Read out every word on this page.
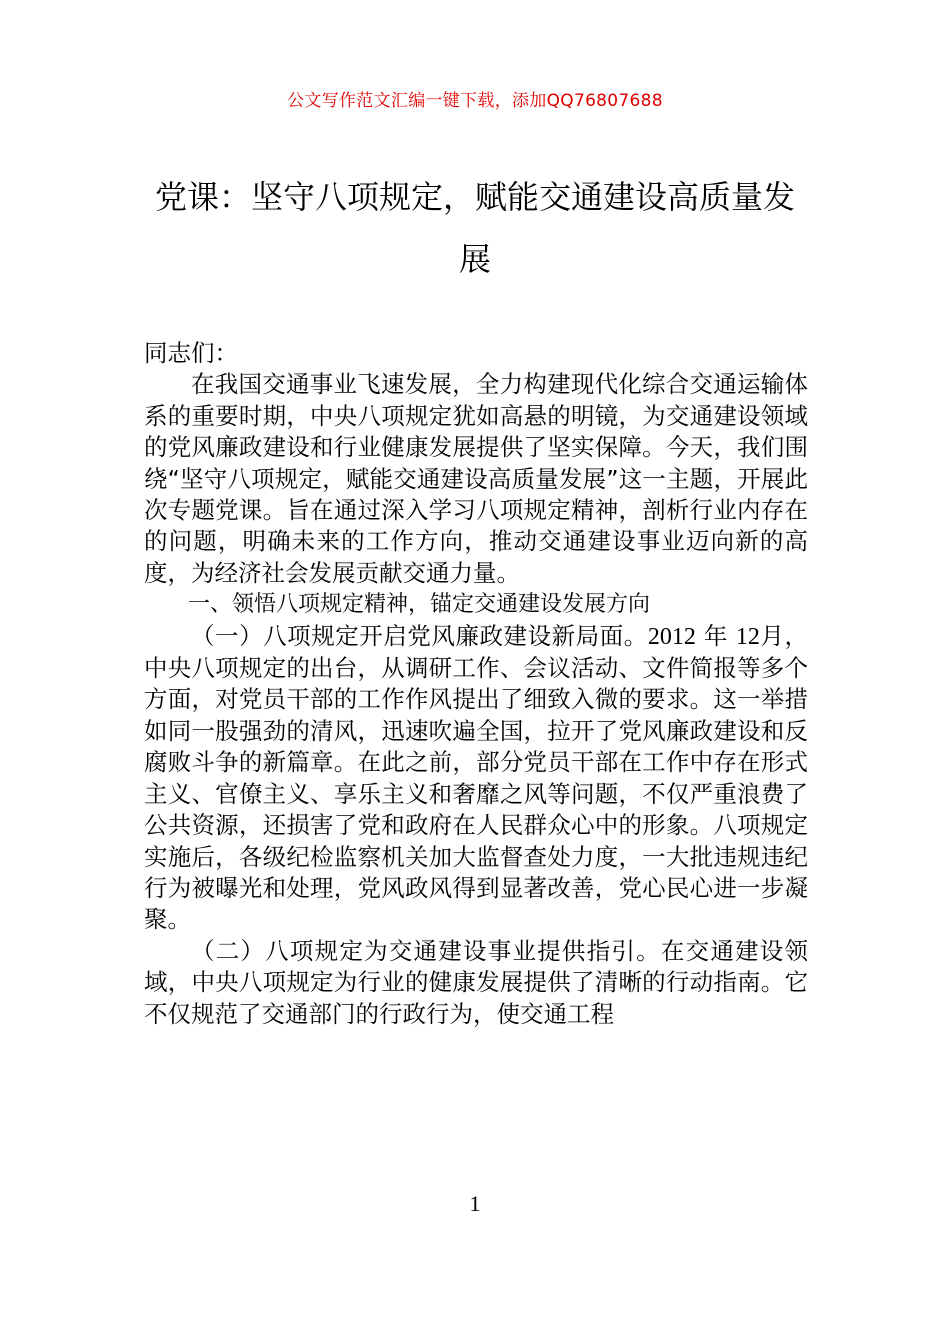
公文写作范文汇编一键下载，添加QQ76807688
党课：坚守八项规定，赋能交通建设高质量发展

同志们：

在我国交通事业飞速发展，全力构建现代化综合交通运输体系的重要时期，中央八项规定犹如高悬的明镜，为交通建设领域的党风廉政建设和行业健康发展提供了坚实保障。今天，我们围绕“坚守八项规定，赋能交通建设高质量发展”这一主题，开展此次专题党课。旨在通过深入学习八项规定精神，剖析行业内存在的问题，明确未来的工作方向，推动交通建设事业迈向新的高度，为经济社会发展贡献交通力量。

一、领悟八项规定精神，锚定交通建设发展方向

（一）八项规定开启党风廉政建设新局面。2012 年 12月，中央八项规定的出台，从调研工作、会议活动、文件简报等多个方面，对党员干部的工作作风提出了细致入微的要求。这一举措如同一股强劲的清风，迅速吹遍全国，拉开了党风廉政建设和反腐败斗争的新篇章。在此之前，部分党员干部在工作中存在形式主义、官僚主义、享乐主义和奢靡之风等问题，不仅严重浪费了公共资源，还损害了党和政府在人民群众心中的形象。八项规定实施后，各级纪检监察机关加大监督查处力度，一大批违规违纪行为被曝光和处理，党风政风得到显著改善，党心民心进一步凝聚。

（二）八项规定为交通建设事业提供指引。在交通建设领域，中央八项规定为行业的健康发展提供了清晰的行动指南。它不仅规范了交通部门的行政行为，使交通工程

1
